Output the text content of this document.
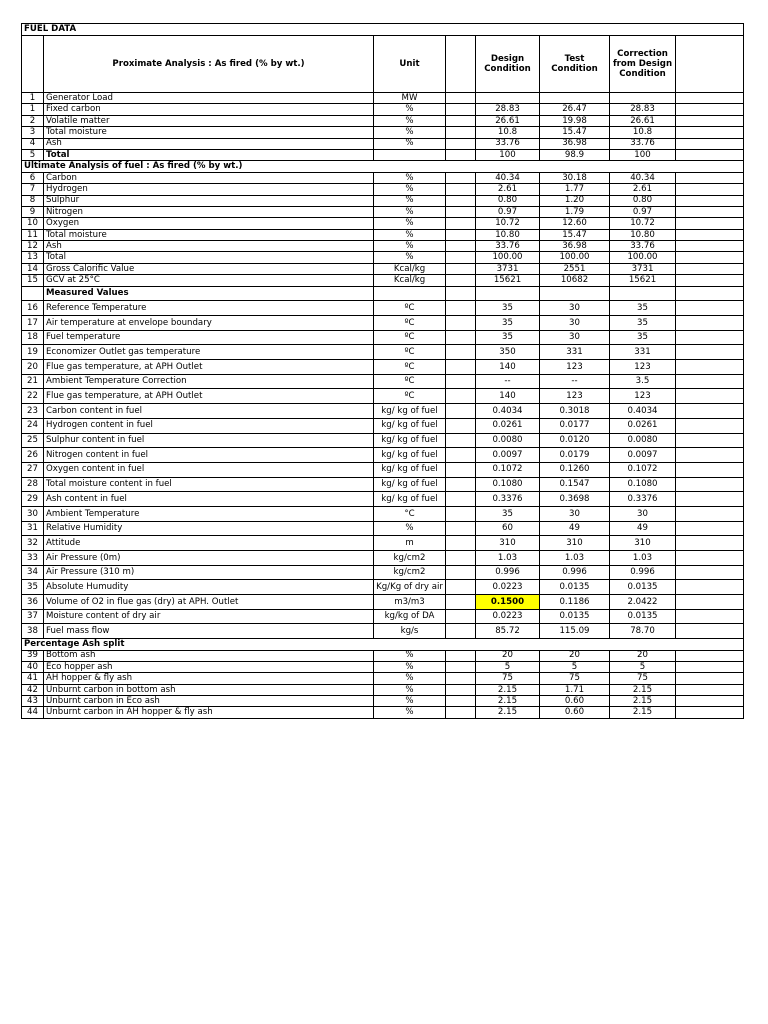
FUEL DATA							
	Proximate Analysis : As fired (% by wt.)	Unit		Design Condition	Test Condition	Correction from Design Condition	
1	Generator Load	MW					
1	Fixed carbon	%		28.83	26.47	28.83	
2	Volatile matter	%		26.61	19.98	26.61	
3	Total moisture	%		10.8	15.47	10.8	
4	Ash	%		33.76	36.98	33.76	
5	Total			100	98.9	100	
Ultimate Analysis of fuel : As fired (% by wt.)							
6	Carbon	%		40.34	30.18	40.34	
7	Hydrogen	%		2.61	1.77	2.61	
8	Sulphur	%		0.80	1.20	0.80	
9	Nitrogen	%		0.97	1.79	0.97	
10	Oxygen	%		10.72	12.60	10.72	
11	Total moisture	%		10.80	15.47	10.80	
12	Ash	%		33.76	36.98	33.76	
13	Total	%		100.00	100.00	100.00	
14	Gross Calorific Value	Kcal/kg		3731	2551	3731	
15	GCV at 25°C	Kcal/kg		15621	10682	15621	
	Measured Values						
16	Reference Temperature	ºC		35	30	35	
17	Air temperature at envelope boundary	ºC		35	30	35	
18	Fuel temperature	ºC		35	30	35	
19	Economizer Outlet gas temperature	ºC		350	331	331	
20	Flue gas temperature, at APH Outlet	ºC		140	123	123	
21	Ambient Temperature Correction	ºC		--	--	3.5	
22	Flue gas temperature, at APH Outlet	ºC		140	123	123	
23	Carbon content in fuel	kg/ kg of fuel		0.4034	0.3018	0.4034	
24	Hydrogen content in fuel	kg/ kg of fuel		0.0261	0.0177	0.0261	
25	Sulphur content in fuel	kg/ kg of fuel		0.0080	0.0120	0.0080	
26	Nitrogen content in fuel	kg/ kg of fuel		0.0097	0.0179	0.0097	
27	Oxygen content in fuel	kg/ kg of fuel		0.1072	0.1260	0.1072	
28	Total moisture content in fuel	kg/ kg of fuel		0.1080	0.1547	0.1080	
29	Ash content in fuel	kg/ kg of fuel		0.3376	0.3698	0.3376	
30	Ambient Temperature	°C		35	30	30	
31	Relative Humidity	%		60	49	49	
32	Attitude	m		310	310	310	
33	Air Pressure (0m)	kg/cm2		1.03	1.03	1.03	
34	Air Pressure (310 m)	kg/cm2		0.996	0.996	0.996	
35	Absolute Humudity	Kg/Kg of dry air		0.0223	0.0135	0.0135	
36	Volume of O2 in flue gas (dry) at APH. Outlet	m3/m3		0.1500	0.1186	2.0422	
37	Moisture content of dry air	kg/kg of DA		0.0223	0.0135	0.0135	
38	Fuel mass flow	kg/s		85.72	115.09	78.70	
Percentage Ash split							
39	Bottom ash	%		20	20	20	
40	Eco hopper ash	%		5	5	5	
41	AH hopper & fly ash	%		75	75	75	
42	Unburnt carbon in bottom ash	%		2.15	1.71	2.15	
43	Unburnt carbon in Eco ash	%		2.15	0.60	2.15	
44	Unburnt carbon in AH hopper & fly ash	%		2.15	0.60	2.15	
